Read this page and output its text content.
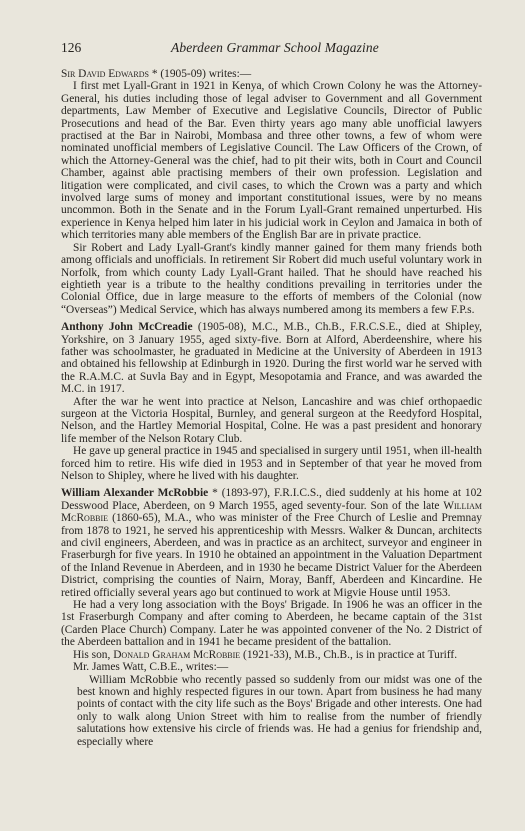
126	Aberdeen Grammar School Magazine

Sir David Edwards * (1905-09) writes:—

I first met Lyall-Grant in 1921 in Kenya, of which Crown Colony he was the Attorney-General, his duties including those of legal adviser to Government and all Government departments, Law Member of Executive and Legislative Councils, Director of Public Prosecutions and head of the Bar. Even thirty years ago many able unofficial lawyers practised at the Bar in Nairobi, Mombasa and three other towns, a few of whom were nominated unofficial members of Legislative Council. The Law Officers of the Crown, of which the Attorney-General was the chief, had to pit their wits, both in Court and Council Chamber, against able practising members of their own profession. Legislation and litigation were complicated, and civil cases, to which the Crown was a party and which involved large sums of money and important constitutional issues, were by no means uncommon. Both in the Senate and in the Forum Lyall-Grant remained unperturbed. His experience in Kenya helped him later in his judicial work in Ceylon and Jamaica in both of which territories many able members of the English Bar are in private practice.

Sir Robert and Lady Lyall-Grant's kindly manner gained for them many friends both among officials and unofficials. In retirement Sir Robert did much useful voluntary work in Norfolk, from which county Lady Lyall-Grant hailed. That he should have reached his eightieth year is a tribute to the healthy conditions prevailing in territories under the Colonial Office, due in large measure to the efforts of members of the Colonial (now “Overseas”) Medical Service, which has always numbered among its members a few F.P.s.

Anthony John McCreadie (1905-08), M.C., M.B., Ch.B., F.R.C.S.E., died at Shipley, Yorkshire, on 3 January 1955, aged sixty-five. Born at Alford, Aberdeenshire, where his father was schoolmaster, he graduated in Medicine at the University of Aberdeen in 1913 and obtained his fellowship at Edinburgh in 1920. During the first world war he served with the R.A.M.C. at Suvla Bay and in Egypt, Mesopotamia and France, and was awarded the M.C. in 1917.

After the war he went into practice at Nelson, Lancashire and was chief orthopaedic surgeon at the Victoria Hospital, Burnley, and general surgeon at the Reedyford Hospital, Nelson, and the Hartley Memorial Hospital, Colne. He was a past president and honorary life member of the Nelson Rotary Club.

He gave up general practice in 1945 and specialised in surgery until 1951, when ill-health forced him to retire. His wife died in 1953 and in September of that year he moved from Nelson to Shipley, where he lived with his daughter.

William Alexander McRobbie * (1893-97), F.R.I.C.S., died suddenly at his home at 102 Desswood Place, Aberdeen, on 9 March 1955, aged seventy-four. Son of the late William McRobbie (1860-65), M.A., who was minister of the Free Church of Leslie and Premnay from 1878 to 1921, he served his apprenticeship with Messrs. Walker & Duncan, architects and civil engineers, Aberdeen, and was in practice as an architect, surveyor and engineer in Fraserburgh for five years. In 1910 he obtained an appointment in the Valuation Department of the Inland Revenue in Aberdeen, and in 1930 he became District Valuer for the Aberdeen District, comprising the counties of Nairn, Moray, Banff, Aberdeen and Kincardine. He retired officially several years ago but continued to work at Migvie House until 1953.

He had a very long association with the Boys' Brigade. In 1906 he was an officer in the 1st Fraserburgh Company and after coming to Aberdeen, he became captain of the 31st (Carden Place Church) Company. Later he was appointed convener of the No. 2 District of the Aberdeen battalion and in 1941 he became president of the battalion.

His son, Donald Graham McRobbie (1921-33), M.B., Ch.B., is in practice at Turiff.

Mr. James Watt, C.B.E., writes:—

William McRobbie who recently passed so suddenly from our midst was one of the best known and highly respected figures in our town. Apart from business he had many points of contact with the city life such as the Boys' Brigade and other interests. One had only to walk along Union Street with him to realise from the number of friendly salutations how extensive his circle of friends was. He had a genius for friendship and, especially where
